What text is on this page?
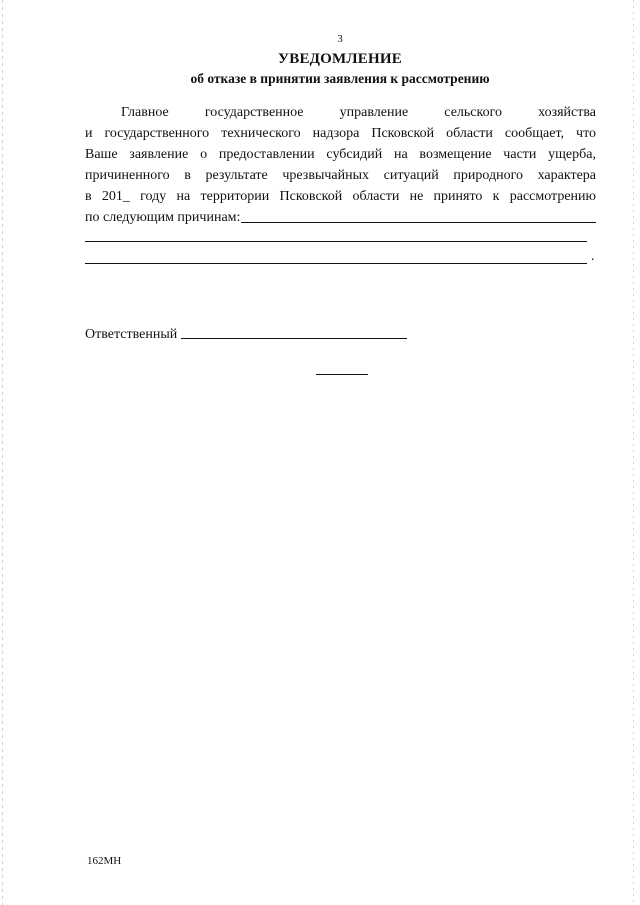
3
УВЕДОМЛЕНИЕ
об отказе в принятии заявления к рассмотрению
Главное государственное управление сельского хозяйства
и государственного технического надзора Псковской области сообщает, что
Ваше заявление о предоставлении субсидий на возмещение части ущерба,
причиненного в результате чрезвычайных ситуаций природного характера
в 201_ году на территории Псковской области не принято к рассмотрению
по следующим причинам:
.
Ответственный
162МН
